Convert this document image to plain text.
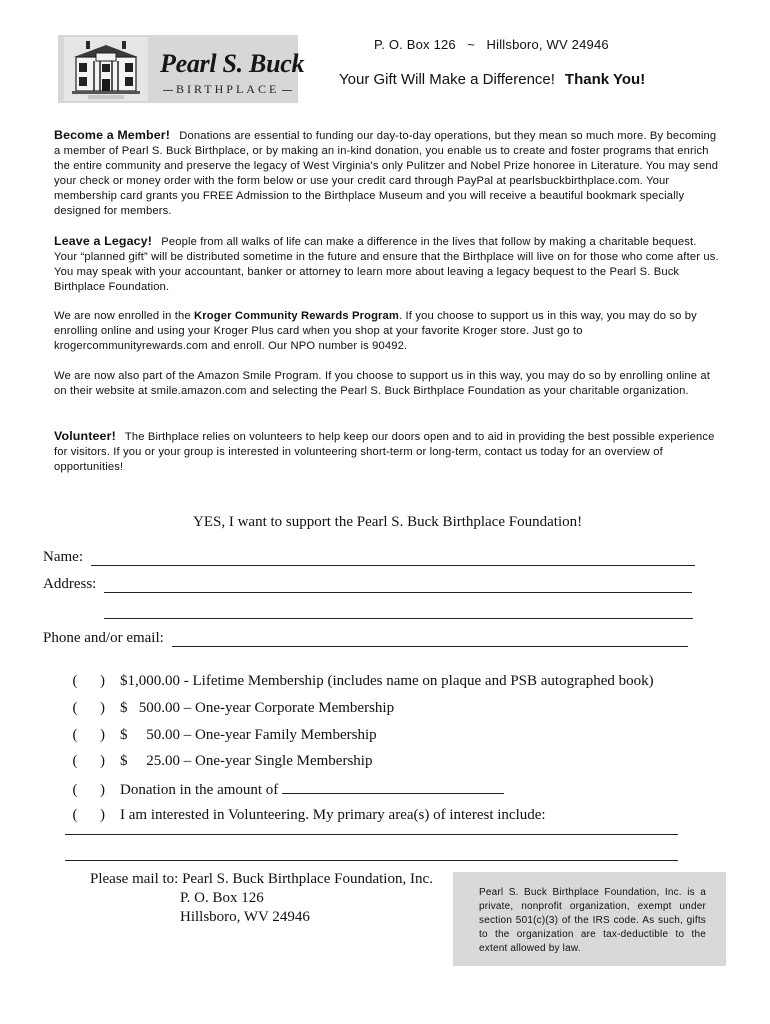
Pearl S. Buck
BIRTHPLACE
P. O. Box 126   ~   Hillsboro, WV 24946
Your Gift Will Make a Difference! Thank You!

Become a Member! Donations are essential to funding our day-to-day operations, but they mean so much more. By becoming a member of Pearl S. Buck Birthplace, or by making an in-kind donation, you enable us to create and foster programs that enrich the entire community and preserve the legacy of West Virginia's only Pulitzer and Nobel Prize honoree in Literature. You may send your check or money order with the form below or use your credit card through PayPal at pearlsbuckbirthplace.com. Your membership card grants you FREE Admission to the Birthplace Museum and you will receive a beautiful bookmark specially designed for members.

Leave a Legacy! People from all walks of life can make a difference in the lives that follow by making a charitable bequest. Your “planned gift” will be distributed sometime in the future and ensure that the Birthplace will live on for those who come after us. You may speak with your accountant, banker or attorney to learn more about leaving a legacy bequest to the Pearl S. Buck Birthplace Foundation.

We are now enrolled in the Kroger Community Rewards Program. If you choose to support us in this way, you may do so by enrolling online and using your Kroger Plus card when you shop at your favorite Kroger store. Just go to krogercommunityrewards.com and enroll. Our NPO number is 90492.

We are now also part of the Amazon Smile Program. If you choose to support us in this way, you may do so by enrolling online at on their website at smile.amazon.com and selecting the Pearl S. Buck Birthplace Foundation as your charitable organization.

Volunteer! The Birthplace relies on volunteers to help keep our doors open and to aid in providing the best possible experience for visitors. If you or your group is interested in volunteering short-term or long-term, contact us today for an overview of opportunities!

YES, I want to support the Pearl S. Buck Birthplace Foundation!
Name:
Address:
Phone and/or email:

(  ) $1,000.00 - Lifetime Membership (includes name on plaque and PSB autographed book)

(  ) $   500.00 – One-year Corporate Membership

(  ) $     50.00 – One-year Family Membership

(  ) $     25.00 – One-year Single Membership

(  ) Donation in the amount of

(  ) I am interested in Volunteering. My primary area(s) of interest include:

Please mail to: Pearl S. Buck Birthplace Foundation, Inc.
P. O. Box 126
Hillsboro, WV 24946

Pearl S. Buck Birthplace Foundation, Inc. is a private, nonprofit organization, exempt under section 501(c)(3) of the IRS code. As such, gifts to the organization are tax-deductible to the extent allowed by law.
